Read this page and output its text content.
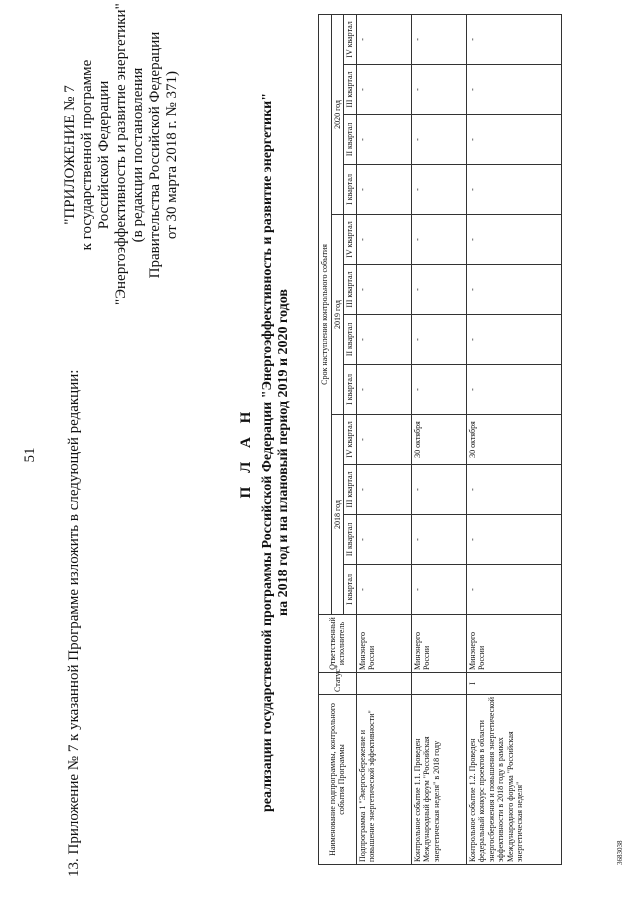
51 13. Приложение № 7 к указанной Программе изложить в следующей редакции:
"ПРИЛОЖЕНИЕ № 7 к государственной программе Российской Федерации "Энергоэффективность и развитие энергетики" (в редакции постановления Правительства Российской Федерации от 30 марта 2018 г. № 371)
П Л А Н реализации государственной программы Российской Федерации "Энергоэффективность и развитие энергетики" на 2018 год и на плановый период 2019 и 2020 годов
Наименование подпрограммы, контрольного события Программы	Статус*	Ответственный исполнитель	Срок наступления контрольного события											
			2018 год				2019 год				2020 год			
			I квартал	II квартал	III квартал	IV квартал	I квартал	II квартал	III квартал	IV квартал	I квартал	II квартал	III квартал	IV квартал
Подпрограмма 1 "Энергосбережение и повышение энергетической эффективности"		Минэнерго России	-	-	-	-	-	-	-	-	-	-	-	-
Контрольное событие 1.1. Проведен Международный форум "Российская энергетическая неделя" в 2018 году		Минэнерго России	-	-	-	30 октября	-	-	-	-	-	-	-	-
Контрольное событие 1.2. Проведен федеральный конкурс проектов в области энергосбережения и повышения энергетической эффективности в 2018 году в рамках Международного форума "Российская энергетическая неделя"	I	Минэнерго России	-	-	-	30 октября	-	-	-	-	-	-	-	-
3683038
